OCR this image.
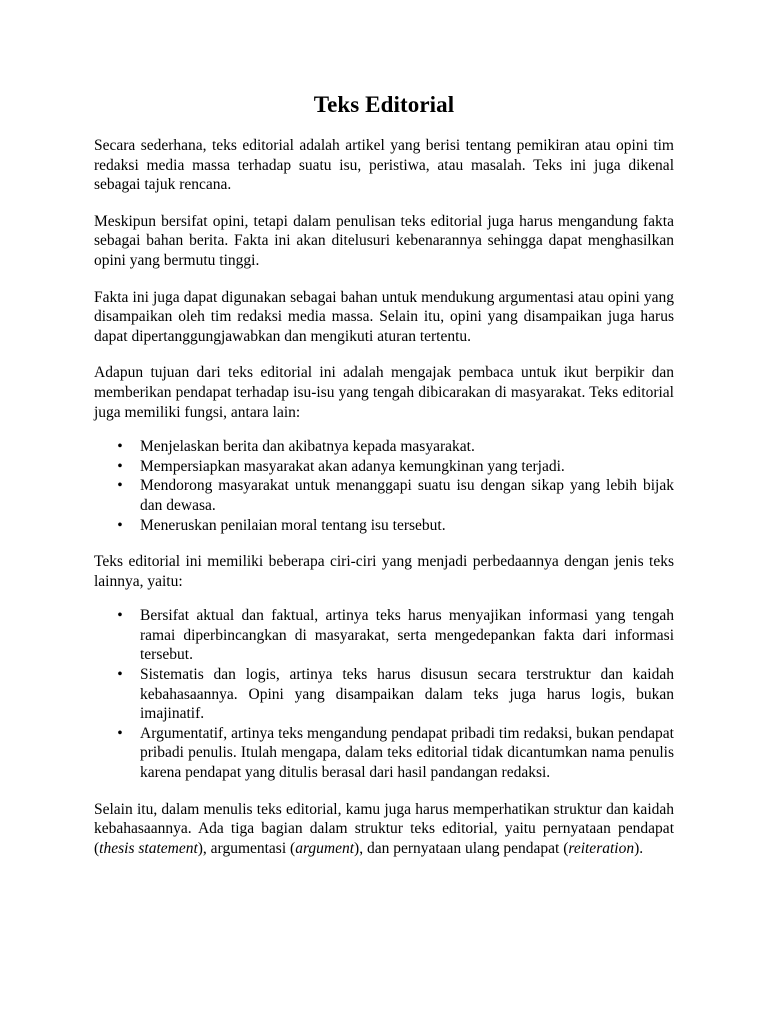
Teks Editorial

Secara sederhana, teks editorial adalah artikel yang berisi tentang pemikiran atau opini tim redaksi media massa terhadap suatu isu, peristiwa, atau masalah. Teks ini juga dikenal sebagai tajuk rencana.

Meskipun bersifat opini, tetapi dalam penulisan teks editorial juga harus mengandung fakta sebagai bahan berita. Fakta ini akan ditelusuri kebenarannya sehingga dapat menghasilkan opini yang bermutu tinggi.

Fakta ini juga dapat digunakan sebagai bahan untuk mendukung argumentasi atau opini yang disampaikan oleh tim redaksi media massa. Selain itu, opini yang disampaikan juga harus dapat dipertanggungjawabkan dan mengikuti aturan tertentu.

Adapun tujuan dari teks editorial ini adalah mengajak pembaca untuk ikut berpikir dan memberikan pendapat terhadap isu-isu yang tengah dibicarakan di masyarakat. Teks editorial juga memiliki fungsi, antara lain:

• Menjelaskan berita dan akibatnya kepada masyarakat.
• Mempersiapkan masyarakat akan adanya kemungkinan yang terjadi.
• Mendorong masyarakat untuk menanggapi suatu isu dengan sikap yang lebih bijak dan dewasa.
• Meneruskan penilaian moral tentang isu tersebut.

Teks editorial ini memiliki beberapa ciri-ciri yang menjadi perbedaannya dengan jenis teks lainnya, yaitu:

• Bersifat aktual dan faktual, artinya teks harus menyajikan informasi yang tengah ramai diperbincangkan di masyarakat, serta mengedepankan fakta dari informasi tersebut.
• Sistematis dan logis, artinya teks harus disusun secara terstruktur dan kaidah kebahasaannya. Opini yang disampaikan dalam teks juga harus logis, bukan imajinatif.
• Argumentatif, artinya teks mengandung pendapat pribadi tim redaksi, bukan pendapat pribadi penulis. Itulah mengapa, dalam teks editorial tidak dicantumkan nama penulis karena pendapat yang ditulis berasal dari hasil pandangan redaksi.

Selain itu, dalam menulis teks editorial, kamu juga harus memperhatikan struktur dan kaidah kebahasaannya. Ada tiga bagian dalam struktur teks editorial, yaitu pernyataan pendapat (thesis statement), argumentasi (argument), dan pernyataan ulang pendapat (reiteration).
